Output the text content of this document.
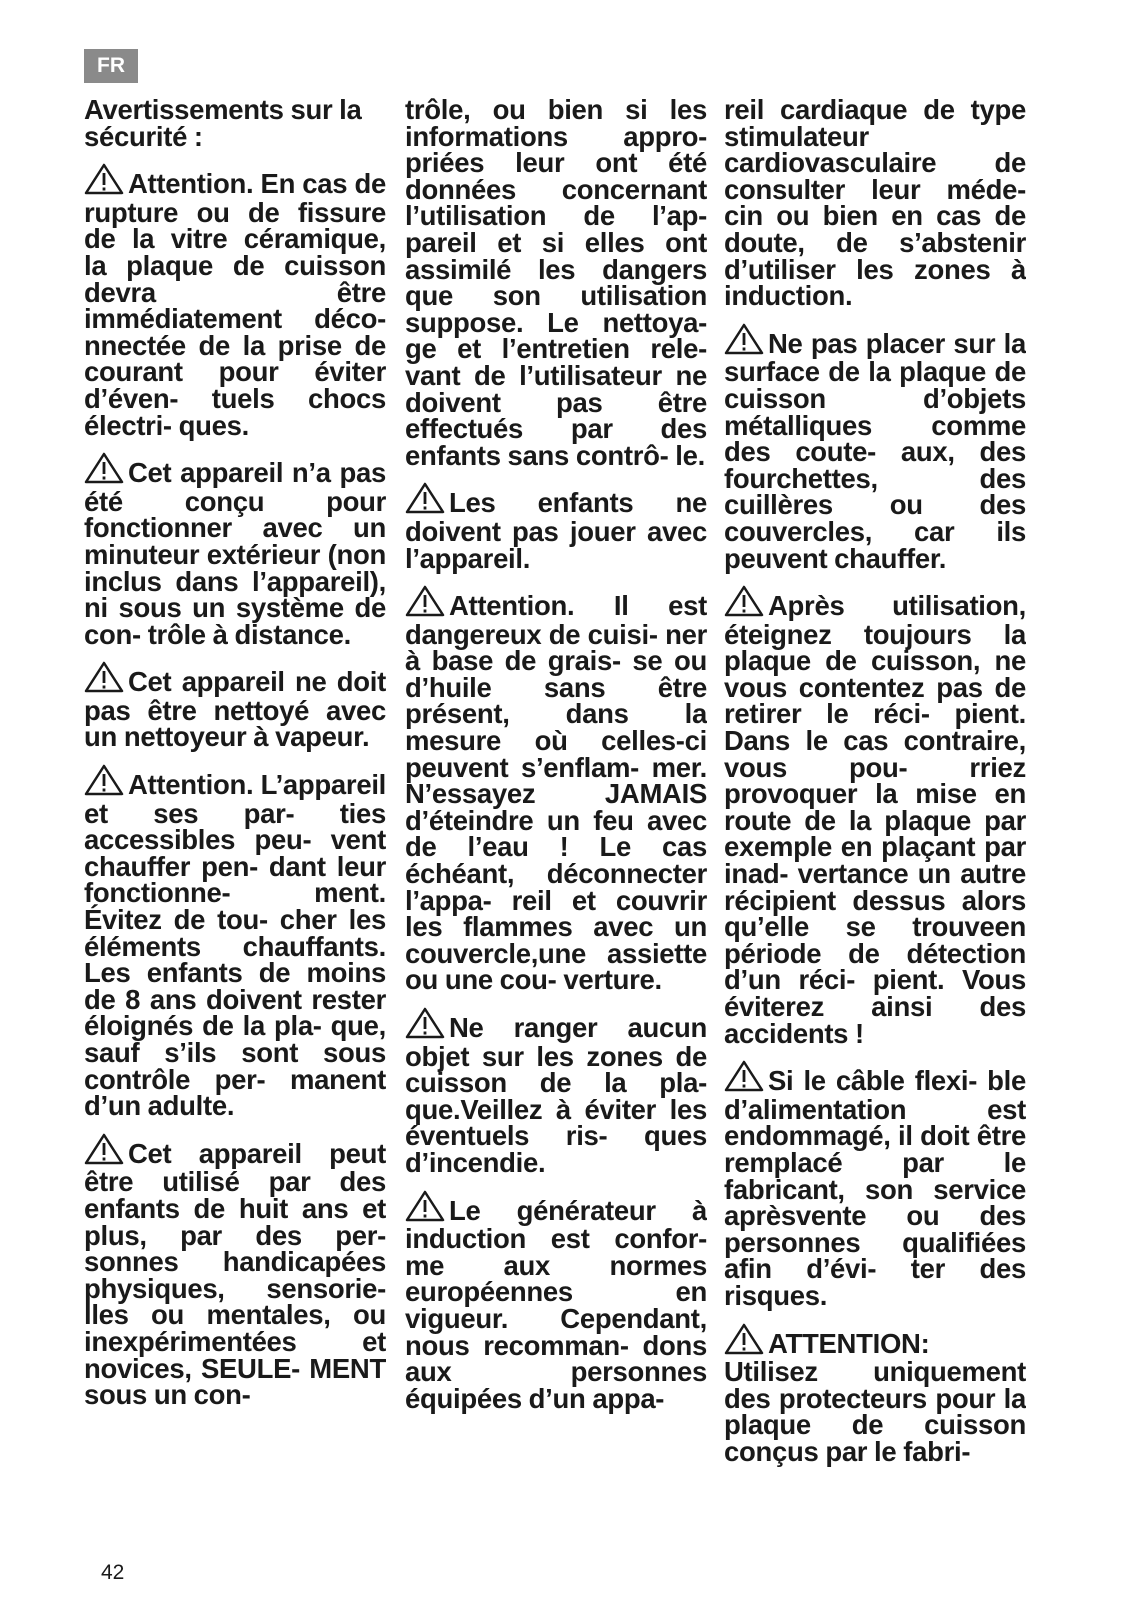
FR
Avertissements sur la sécurité :

Attention. En cas de rupture ou de fissure de la vitre céramique, la plaque de cuisson devra être immédiatement déco-nnectée de la prise de courant pour éviter d’éven- tuels chocs électri- ques.

Cet appareil n’a pas été conçu pour fonctionner avec un minuteur extérieur (non inclus dans l’appareil), ni sous un système de con- trôle à distance.

Cet appareil ne doit pas être nettoyé avec un nettoyeur à vapeur.

Attention. L’appareil et ses par- ties accessibles peu- vent chauffer pen- dant leur fonctionne- ment. Évitez de tou- cher les éléments chauffants. Les enfants de moins de 8 ans doivent rester éloignés de la pla- que, sauf s’ils sont sous contrôle per- manent d’un adulte.

Cet appareil peut être utilisé par des enfants de huit ans et plus, par des per- sonnes handicapées physiques, sensorie- lles ou mentales, ou inexpérimentées et novices, SEULE- MENT sous un con-

trôle, ou bien si les informations appro- priées leur ont été données concernant l’utilisation de l’ap- pareil et si elles ont assimilé les dangers que son utilisation suppose. Le nettoya- ge et l’entretien rele- vant de l’utilisateur ne doivent pas être effectués par des enfants sans contrô- le.

Les enfants ne doivent pas jouer avec l’appareil.

Attention. Il est dangereux de cuisi- ner à base de grais- se ou d’huile sans être présent, dans la mesure où celles-ci peuvent s’enflam- mer. N’essayez JAMAIS d’éteindre un feu avec de l’eau ! Le cas échéant, déconnecter l’appa- reil et couvrir les flammes avec un couvercle,une assiette ou une cou- verture.

Ne ranger aucun objet sur les zones de cuisson de la pla- que.Veillez à éviter les éventuels ris- ques d’incendie.

Le générateur à induction est confor- me aux normes européennes en vigueur. Cependant, nous recomman- dons aux personnes équipées d’un appa-

reil cardiaque de type stimulateur cardiovasculaire de consulter leur méde- cin ou bien en cas de doute, de s’abstenir d’utiliser les zones à induction.

Ne pas placer sur la surface de la plaque de cuisson d’objets métalliques comme des coute- aux, des fourchettes, des cuillères ou des couvercles, car ils peuvent chauffer.

Après utilisation, éteignez toujours la plaque de cuisson, ne vous contentez pas de retirer le réci- pient. Dans le cas contraire, vous pou- rriez provoquer la mise en route de la plaque par exemple en plaçant par inad- vertance un autre récipient dessus alors qu’elle se trouveen période de détection d’un réci- pient. Vous éviterez ainsi des accidents !

Si le câble flexi- ble d’alimentation est endommagé, il doit être remplacé par le fabricant, son service aprèsvente ou des personnes qualifiées afin d’évi- ter des risques.

ATTENTION: Utilisez uniquement des protecteurs pour la plaque de cuisson conçus par le fabri-

42
